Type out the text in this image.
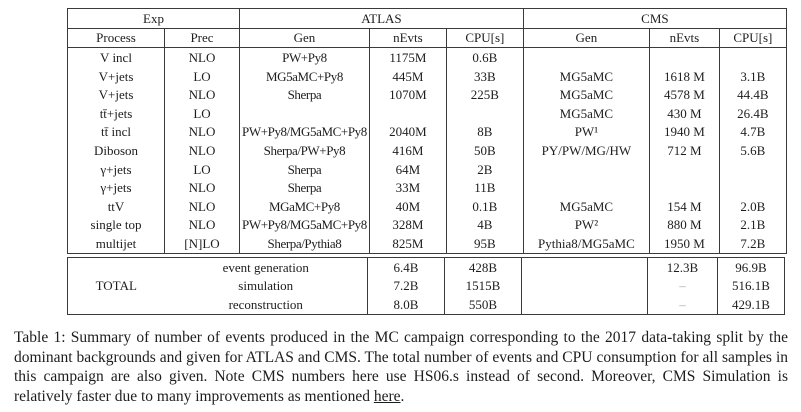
Exp		ATLAS			CMS		
Process	Prec	Gen	nEvts	CPU[s]	Gen	nEvts	CPU[s]
V incl	NLO	PW+Py8	1175M	0.6B			
V+jets	LO	MG5aMC+Py8	445M	33B	MG5aMC	1618 M	3.1B
V+jets	NLO	Sherpa	1070M	225B	MG5aMC	4578 M	44.4B
tt̄+jets	LO				MG5aMC	430 M	26.4B
tt̄ incl	NLO	PW+Py8/MG5aMC+Py8	2040M	8B	PW¹	1940 M	4.7B
Diboson	NLO	Sherpa/PW+Py8	416M	50B	PY/PW/MG/HW	712 M	5.6B
γ+jets	LO	Sherpa	64M	2B			
γ+jets	NLO	Sherpa	33M	11B			
ttV	NLO	MGaMC+Py8	40M	0.1B	MG5aMC	154 M	2.0B
single top	NLO	PW+Py8/MG5aMC+Py8	328M	4B	PW²	880 M	2.1B
multijet	[N]LO	Sherpa/Pythia8	825M	95B	Pythia8/MG5aMC	1950 M	7.2B
TOTAL	event generation	6.4B	428B		12.3B	96.9B
	simulation	7.2B	1515B		–	516.1B
	reconstruction	8.0B	550B		–	429.1B

Table 1: Summary of number of events produced in the MC campaign corresponding to the 2017 data-taking split by the dominant backgrounds and given for ATLAS and CMS. The total number of events and CPU consumption for all samples in this campaign are also given. Note CMS numbers here use HS06.s instead of second. Moreover, CMS Simulation is relatively faster due to many improvements as mentioned here.
